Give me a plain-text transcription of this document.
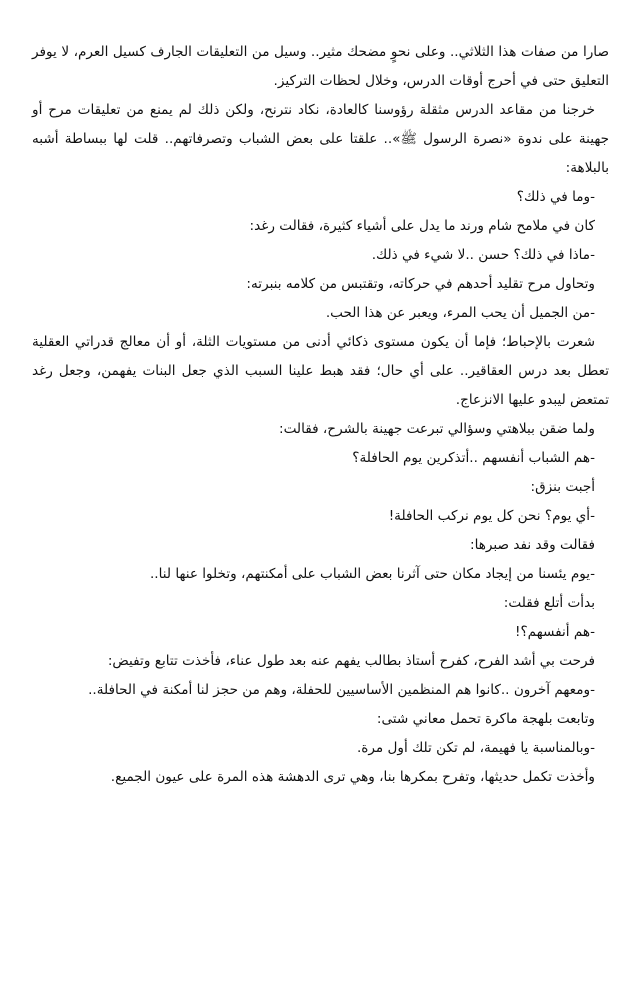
صارا من صفات هذا الثلاثي.. وعلى نحوٍ مضحك مثير.. وسيل من التعليقات الجارف كسيل العرم، لا يوفر التعليق حتى في أحرج أوقات الدرس، وخلال لحظات التركيز.

خرجنا من مقاعد الدرس مثقلة رؤوسنا كالعادة، نكاد نترنح، ولكن ذلك لم يمنع من تعليقات مرح أو جهينة على ندوة «نصرة الرسول ﷺ».. علقتا على بعض الشباب وتصرفاتهم.. قلت لها ببساطة أشبه بالبلاهة:

-وما في ذلك؟

كان في ملامح شام ورند ما يدل على أشياء كثيرة، فقالت رغد:

-ماذا في ذلك؟ حسن ..لا شيء في ذلك.

وتحاول مرح تقليد أحدهم في حركاته، وتقتبس من كلامه بنبرته:

-من الجميل أن يحب المرء، ويعبر عن هذا الحب.

شعرت بالإحباط؛ فإما أن يكون مستوى ذكائي أدنى من مستويات الثلة، أو أن معالج قدراتي العقلية تعطل بعد درس العقاقير.. على أي حال؛ فقد هبط علينا السبب الذي جعل البنات يفهمن، وجعل رغد تمتعض ليبدو عليها الانزعاج.

ولما ضقن ببلاهتي وسؤالي تبرعت جهينة بالشرح، فقالت:

-هم الشباب أنفسهم ..أتذكرين يوم الحافلة؟

أجبت بنزق:

-أي يوم؟ نحن كل يوم نركب الحافلة!

فقالت وقد نفد صبرها:

-يوم يئسنا من إيجاد مكان حتى آثرنا بعض الشباب على أمكنتهم، وتخلوا عنها لنا..

بدأت أتلع فقلت:

-هم أنفسهم؟!

فرحت بي أشد الفرح، كفرح أستاذ بطالب يفهم عنه بعد طول عناء، فأخذت تتابع وتفيض:

-ومعهم آخرون ..كانوا هم المنظمين الأساسيين للحفلة، وهم من حجز لنا أمكنة في الحافلة..

وتابعت بلهجة ماكرة تحمل معاني شتى:

-وبالمناسبة يا فهيمة، لم تكن تلك أول مرة.

وأخذت تكمل حديثها، وتفرح بمكرها بنا، وهي ترى الدهشة هذه المرة على عيون الجميع.
